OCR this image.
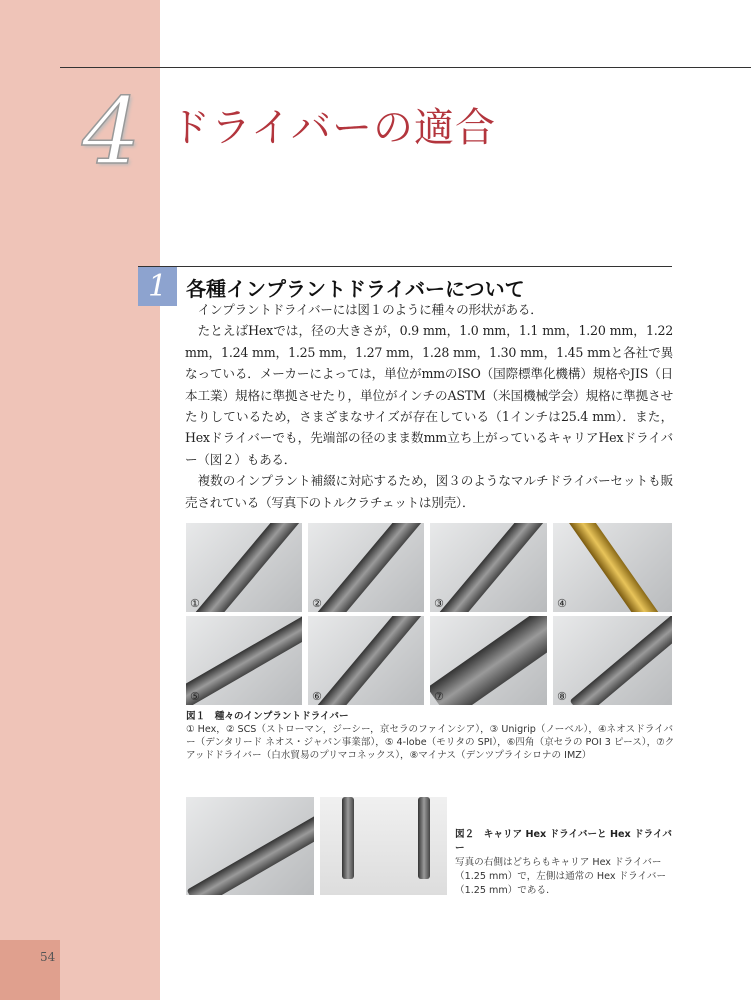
54
4 ドライバーの適合
1 各種インプラントドライバーについて

インプラントドライバーには図１のように種々の形状がある．

たとえばHexでは，径の大きさが，0.9 mm，1.0 mm，1.1 mm，1.20 mm，1.22 mm，1.24 mm，1.25 mm，1.27 mm，1.28 mm，1.30 mm，1.45 mmと各社で異なっている．メーカーによっては，単位がmmのISO（国際標準化機構）規格やJIS（日本工業）規格に準拠させたり，単位がインチのASTM（米国機械学会）規格に準拠させたりしているため，さまざまなサイズが存在している（1インチは25.4 mm）．また，Hexドライバーでも，先端部の径のまま数mm立ち上がっているキャリアHexドライバー（図２）もある．

複数のインプラント補綴に対応するため，図３のようなマルチドライバーセットも販売されている（写真下のトルクラチェットは別売）．

①	②	③	④
⑤	⑥	⑦	⑧
図１　種々のインプラントドライバー
① Hex，② SCS（ストローマン，ジーシー，京セラのファインシア），③ Unigrip（ノーベル），④ネオスドライバー（デンタリード ネオス・ジャパン事業部），⑤ 4-lobe（モリタの SPI），⑥四角（京セラの POI 3 ピース），⑦クアッドドライバー（白水貿易のプリマコネックス），⑧マイナス（デンツプライシロナの IMZ）
図２　キャリア Hex ドライバーと Hex ドライバー
写真の右側はどちらもキャリア Hex ドライバー（1.25 mm）で，左側は通常の Hex ドライバー（1.25 mm）である．
